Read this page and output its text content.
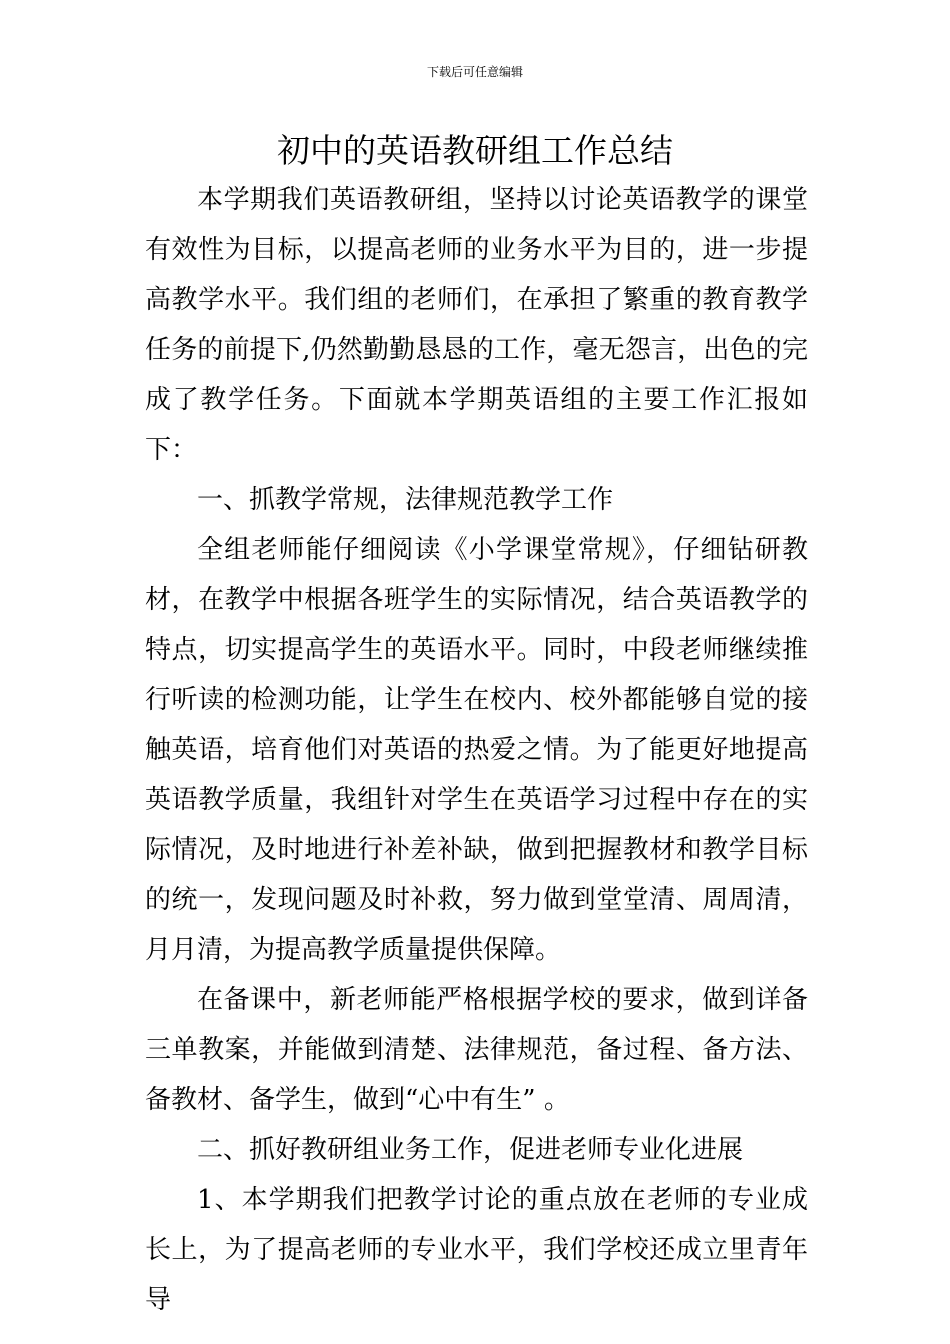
下载后可任意编辑
初中的英语教研组工作总结

本学期我们英语教研组，坚持以讨论英语教学的课堂有效性为目标，以提高老师的业务水平为目的，进一步提高教学水平。我们组的老师们，在承担了繁重的教育教学任务的前提下,仍然勤勤恳恳的工作，毫无怨言，出色的完成了教学任务。下面就本学期英语组的主要工作汇报如下：

一、抓教学常规，法律规范教学工作

全组老师能仔细阅读《小学课堂常规》，仔细钻研教材，在教学中根据各班学生的实际情况，结合英语教学的特点，切实提高学生的英语水平。同时，中段老师继续推行听读的检测功能，让学生在校内、校外都能够自觉的接触英语，培育他们对英语的热爱之情。为了能更好地提高英语教学质量，我组针对学生在英语学习过程中存在的实际情况，及时地进行补差补缺，做到把握教材和教学目标的统一，发现问题及时补救，努力做到堂堂清、周周清，月月清，为提高教学质量提供保障。

在备课中，新老师能严格根据学校的要求，做到详备三单教案，并能做到清楚、法律规范，备过程、备方法、备教材、备学生，做到“心中有生” 。

二、抓好教研组业务工作，促进老师专业化进展

1、本学期我们把教学讨论的重点放在老师的专业成长上，为了提高老师的专业水平，我们学校还成立里青年导
